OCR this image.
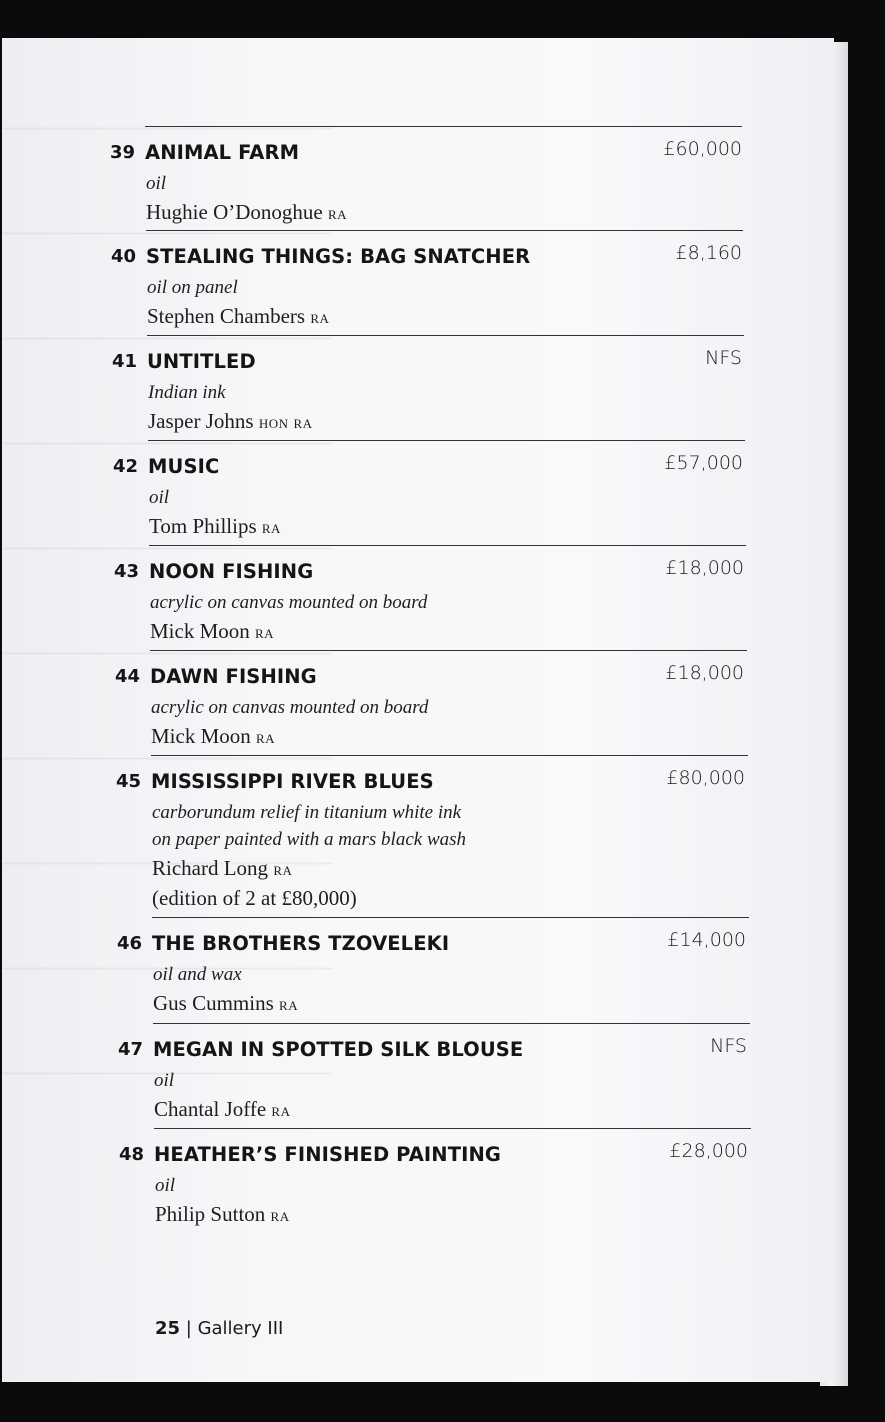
39 ANIMAL FARM	£60,000
oil
Hughie O’Donoghue ra
40 STEALING THINGS: BAG SNATCHER	£8,160
oil on panel
Stephen Chambers ra
41 UNTITLED	NFS
Indian ink
Jasper Johns hon ra
42 MUSIC	£57,000
oil
Tom Phillips ra
43 NOON FISHING	£18,000
acrylic on canvas mounted on board
Mick Moon ra
44 DAWN FISHING	£18,000
acrylic on canvas mounted on board
Mick Moon ra
45 MISSISSIPPI RIVER BLUES	£80,000
carborundum relief in titanium white ink
on paper painted with a mars black wash
Richard Long ra
(edition of 2 at £80,000)
46 THE BROTHERS TZOVELEKI	£14,000
oil and wax
Gus Cummins ra
47 MEGAN IN SPOTTED SILK BLOUSE	NFS
oil
Chantal Joffe ra
48 HEATHER’S FINISHED PAINTING	£28,000
oil
Philip Sutton ra
25 | Gallery III
